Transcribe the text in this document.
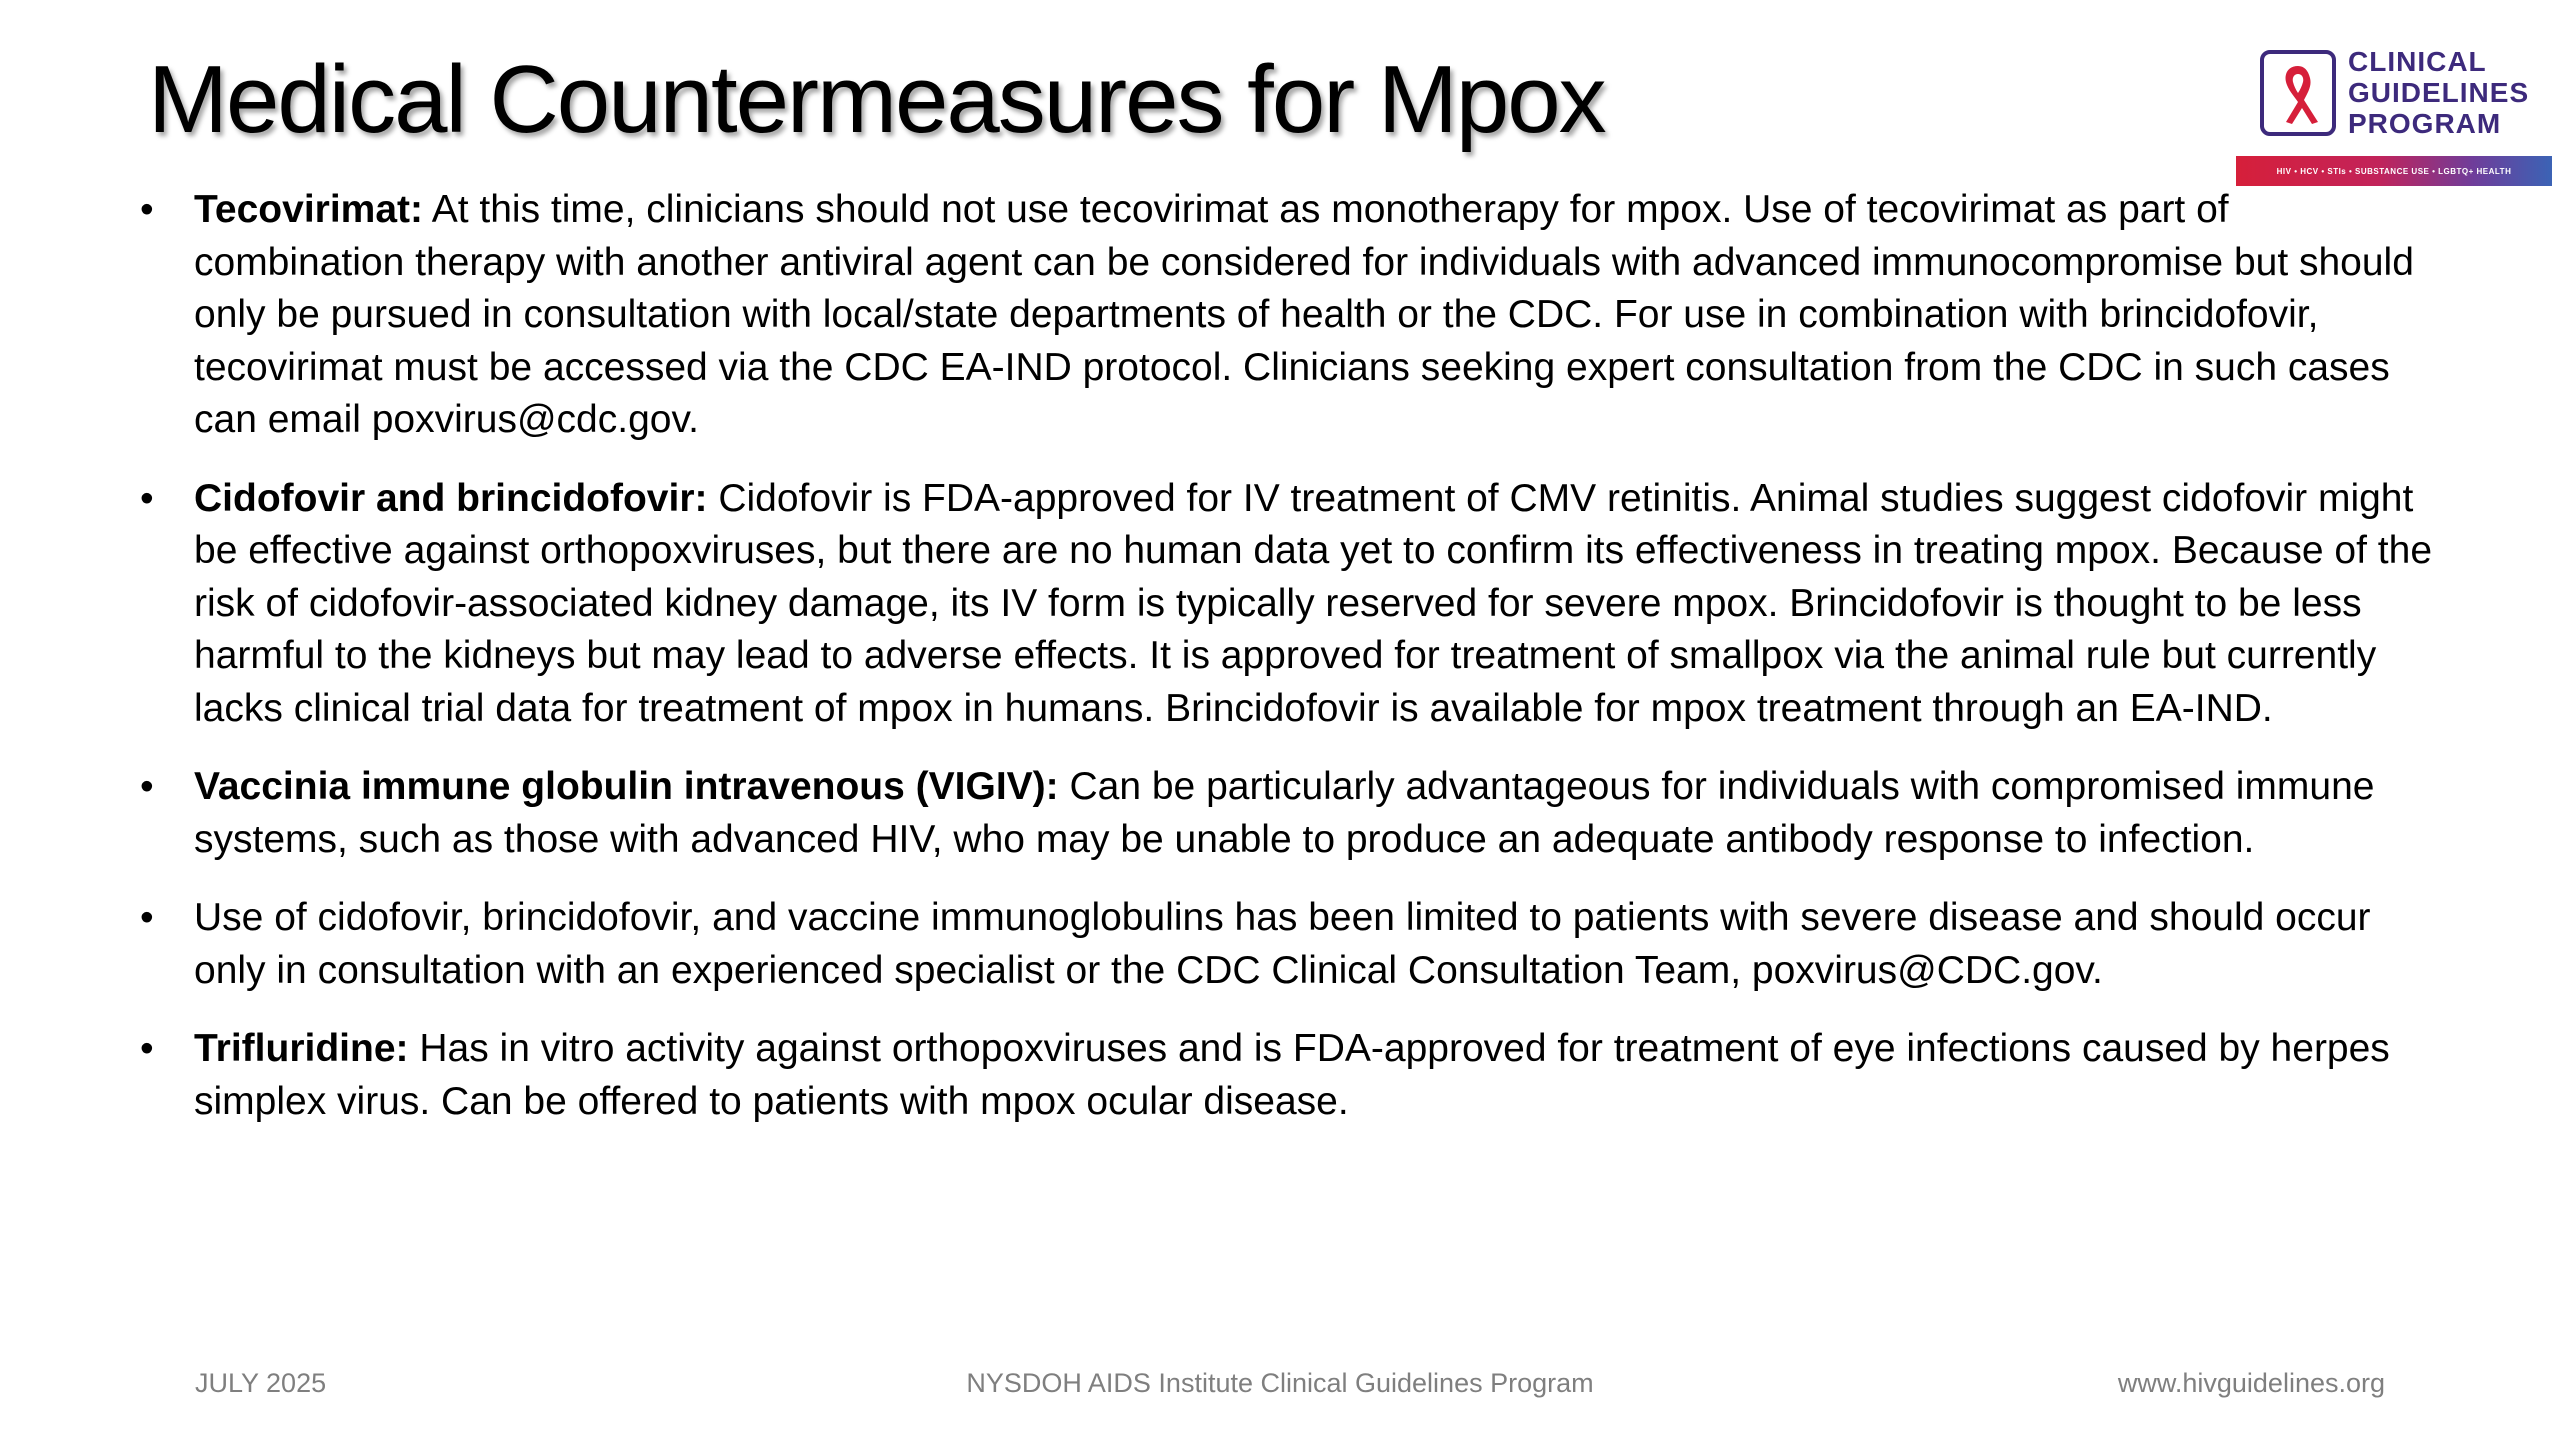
Medical Countermeasures for Mpox	CLINICAL
GUIDELINES
PROGRAM
HIV • HCV • STIs • SUBSTANCE USE • LGBTQ+ HEALTH
•	Tecovirimat: At this time, clinicians should not use tecovirimat as monotherapy for mpox. Use of tecovirimat as part of combination therapy with another antiviral agent can be considered for individuals with advanced immunocompromise but should only be pursued in consultation with local/state departments of health or the CDC. For use in combination with brincidofovir, tecovirimat must be accessed via the CDC EA-IND protocol. Clinicians seeking expert consultation from the CDC in such cases can email poxvirus@cdc.gov.
•	Cidofovir and brincidofovir: Cidofovir is FDA-approved for IV treatment of CMV retinitis. Animal studies suggest cidofovir might be effective against orthopoxviruses, but there are no human data yet to confirm its effectiveness in treating mpox. Because of the risk of cidofovir-associated kidney damage, its IV form is typically reserved for severe mpox. Brincidofovir is thought to be less harmful to the kidneys but may lead to adverse effects. It is approved for treatment of smallpox via the animal rule but currently lacks clinical trial data for treatment of mpox in humans. Brincidofovir is available for mpox treatment through an EA-IND.
•	Vaccinia immune globulin intravenous (VIGIV): Can be particularly advantageous for individuals with compromised immune systems, such as those with advanced HIV, who may be unable to produce an adequate antibody response to infection.
•	Use of cidofovir, brincidofovir, and vaccine immunoglobulins has been limited to patients with severe disease and should occur only in consultation with an experienced specialist or the CDC Clinical Consultation Team, poxvirus@CDC.gov.
•	Trifluridine: Has in vitro activity against orthopoxviruses and is FDA-approved for treatment of eye infections caused by herpes simplex virus. Can be offered to patients with mpox ocular disease.
JULY 2025	NYSDOH AIDS Institute Clinical Guidelines Program	www.hivguidelines.org
